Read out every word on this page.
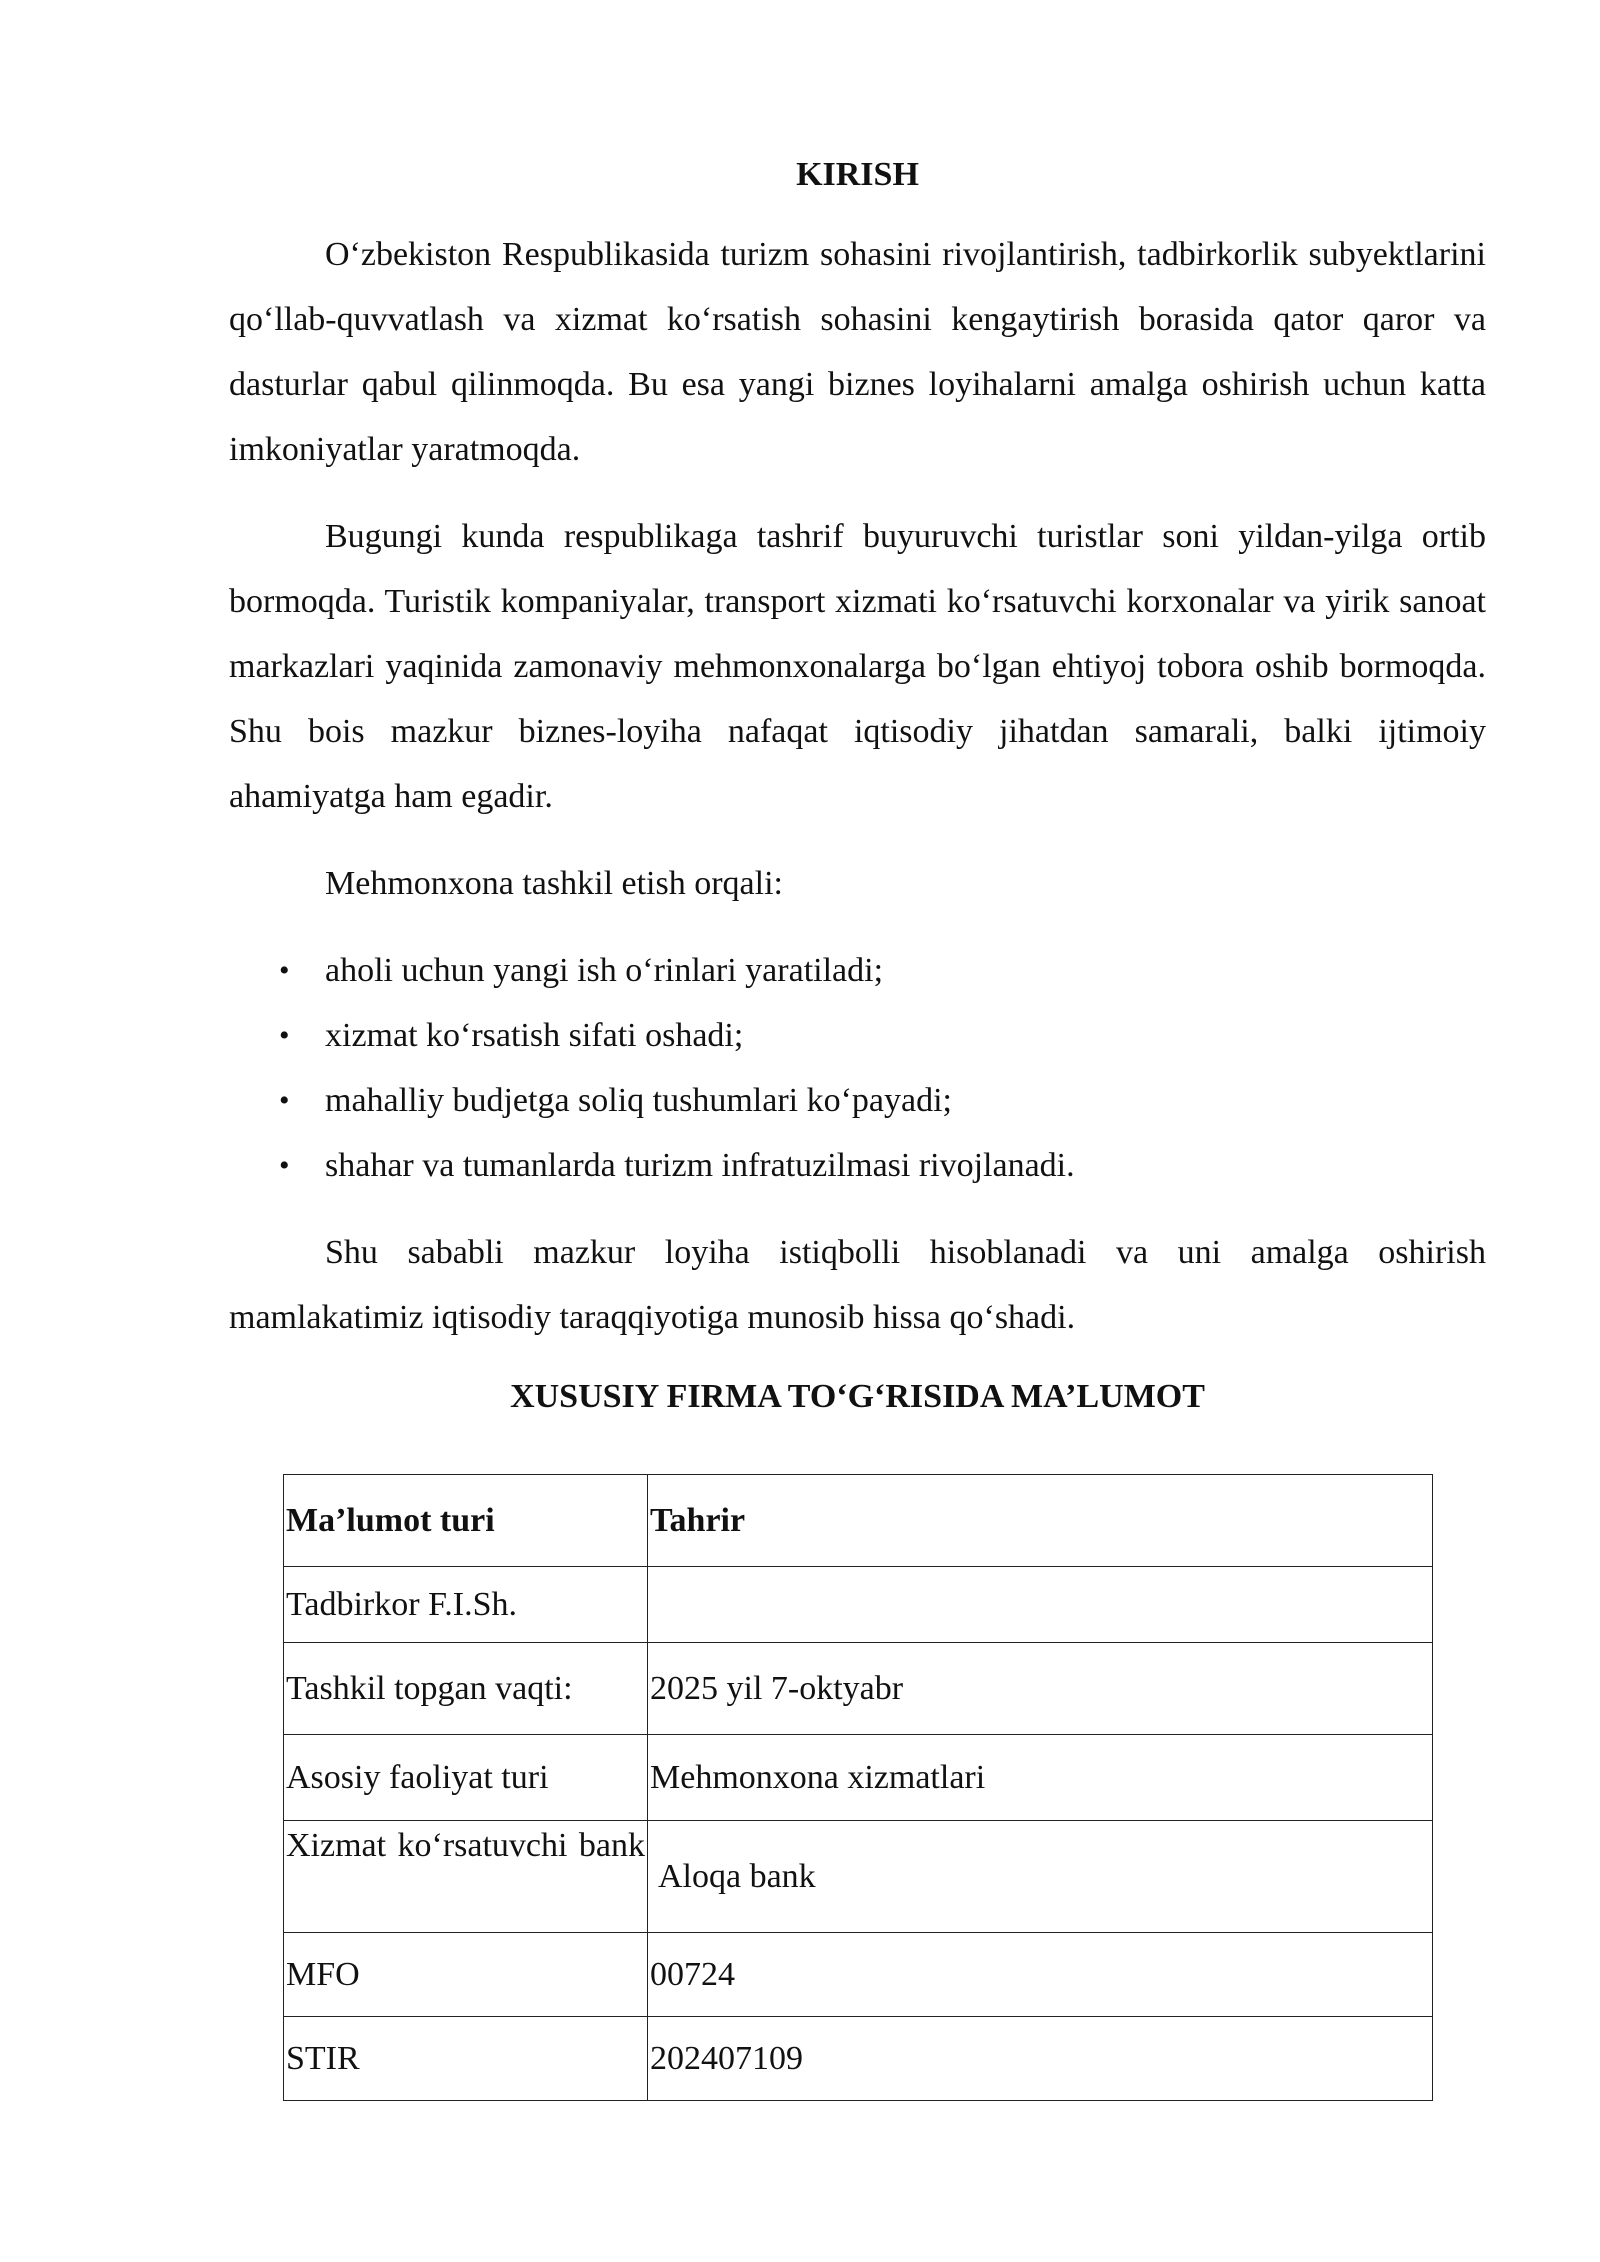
KIRISH

O‘zbekiston Respublikasida turizm sohasini rivojlantirish, tadbirkorlik subyektlarini qo‘llab-quvvatlash va xizmat ko‘rsatish sohasini kengaytirish borasida qator qaror va dasturlar qabul qilinmoqda. Bu esa yangi biznes loyihalarni amalga oshirish uchun katta imkoniyatlar yaratmoqda.

Bugungi kunda respublikaga tashrif buyuruvchi turistlar soni yildan-yilga ortib bormoqda. Turistik kompaniyalar, transport xizmati ko‘rsatuvchi korxonalar va yirik sanoat markazlari yaqinida zamonaviy mehmonxonalarga bo‘lgan ehtiyoj tobora oshib bormoqda. Shu bois mazkur biznes-loyiha nafaqat iqtisodiy jihatdan samarali, balki ijtimoiy ahamiyatga ham egadir.

Mehmonxona tashkil etish orqali:

• aholi uchun yangi ish o‘rinlari yaratiladi;
• xizmat ko‘rsatish sifati oshadi;
• mahalliy budjetga soliq tushumlari ko‘payadi;
• shahar va tumanlarda turizm infratuzilmasi rivojlanadi.

Shu sababli mazkur loyiha istiqbolli hisoblanadi va uni amalga oshirish mamlakatimiz iqtisodiy taraqqiyotiga munosib hissa qo‘shadi.

XUSUSIY FIRMA TO‘G‘RISIDA MA’LUMOT
Ma’lumot turi	Tahrir
Tadbirkor F.I.Sh.	
Tashkil topgan vaqti:	2025 yil 7-oktyabr
Asosiy faoliyat turi	Mehmonxona xizmatlari
Xizmat ko‘rsatuvchi bank	Aloqa bank
MFO	00724
STIR	202407109
